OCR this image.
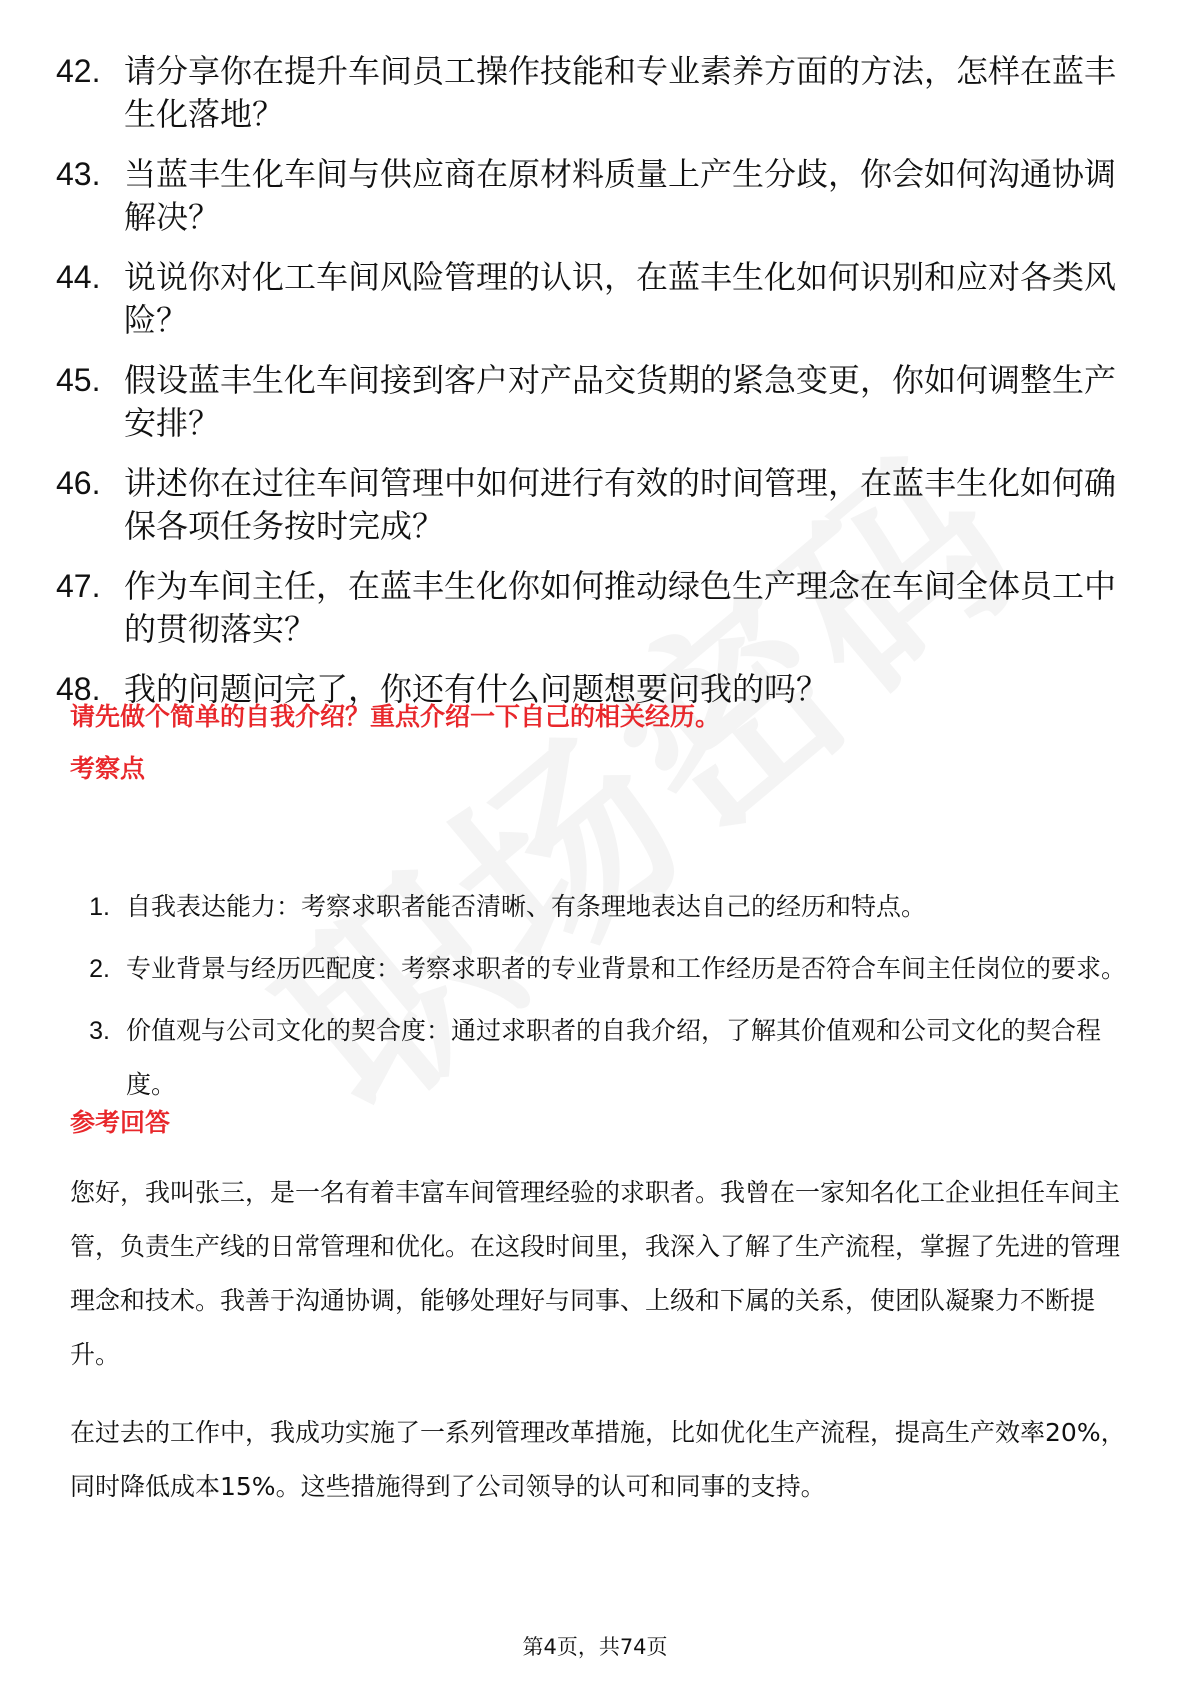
42. 请分享你在提升车间员工操作技能和专业素养方面的方法，怎样在蓝丰生化落地？
43. 当蓝丰生化车间与供应商在原材料质量上产生分歧，你会如何沟通协调解决？
44. 说说你对化工车间风险管理的认识，在蓝丰生化如何识别和应对各类风险？
45. 假设蓝丰生化车间接到客户对产品交货期的紧急变更，你如何调整生产安排？
46. 讲述你在过往车间管理中如何进行有效的时间管理，在蓝丰生化如何确保各项任务按时完成？
47. 作为车间主任，在蓝丰生化你如何推动绿色生产理念在车间全体员工中的贯彻落实？
48. 我的问题问完了，你还有什么问题想要问我的吗？
请先做个简单的自我介绍？重点介绍一下自己的相关经历。
考察点
1. 自我表达能力：考察求职者能否清晰、有条理地表达自己的经历和特点。
2. 专业背景与经历匹配度：考察求职者的专业背景和工作经历是否符合车间主任岗位的要求。
3. 价值观与公司文化的契合度：通过求职者的自我介绍，了解其价值观和公司文化的契合程度。
参考回答

您好，我叫张三，是一名有着丰富车间管理经验的求职者。我曾在一家知名化工企业担任车间主管，负责生产线的日常管理和优化。在这段时间里，我深入了解了生产流程，掌握了先进的管理理念和技术。我善于沟通协调，能够处理好与同事、上级和下属的关系，使团队凝聚力不断提升。

在过去的工作中，我成功实施了一系列管理改革措施，比如优化生产流程，提高生产效率20%，同时降低成本15%。这些措施得到了公司领导的认可和同事的支持。

第4页，共74页
